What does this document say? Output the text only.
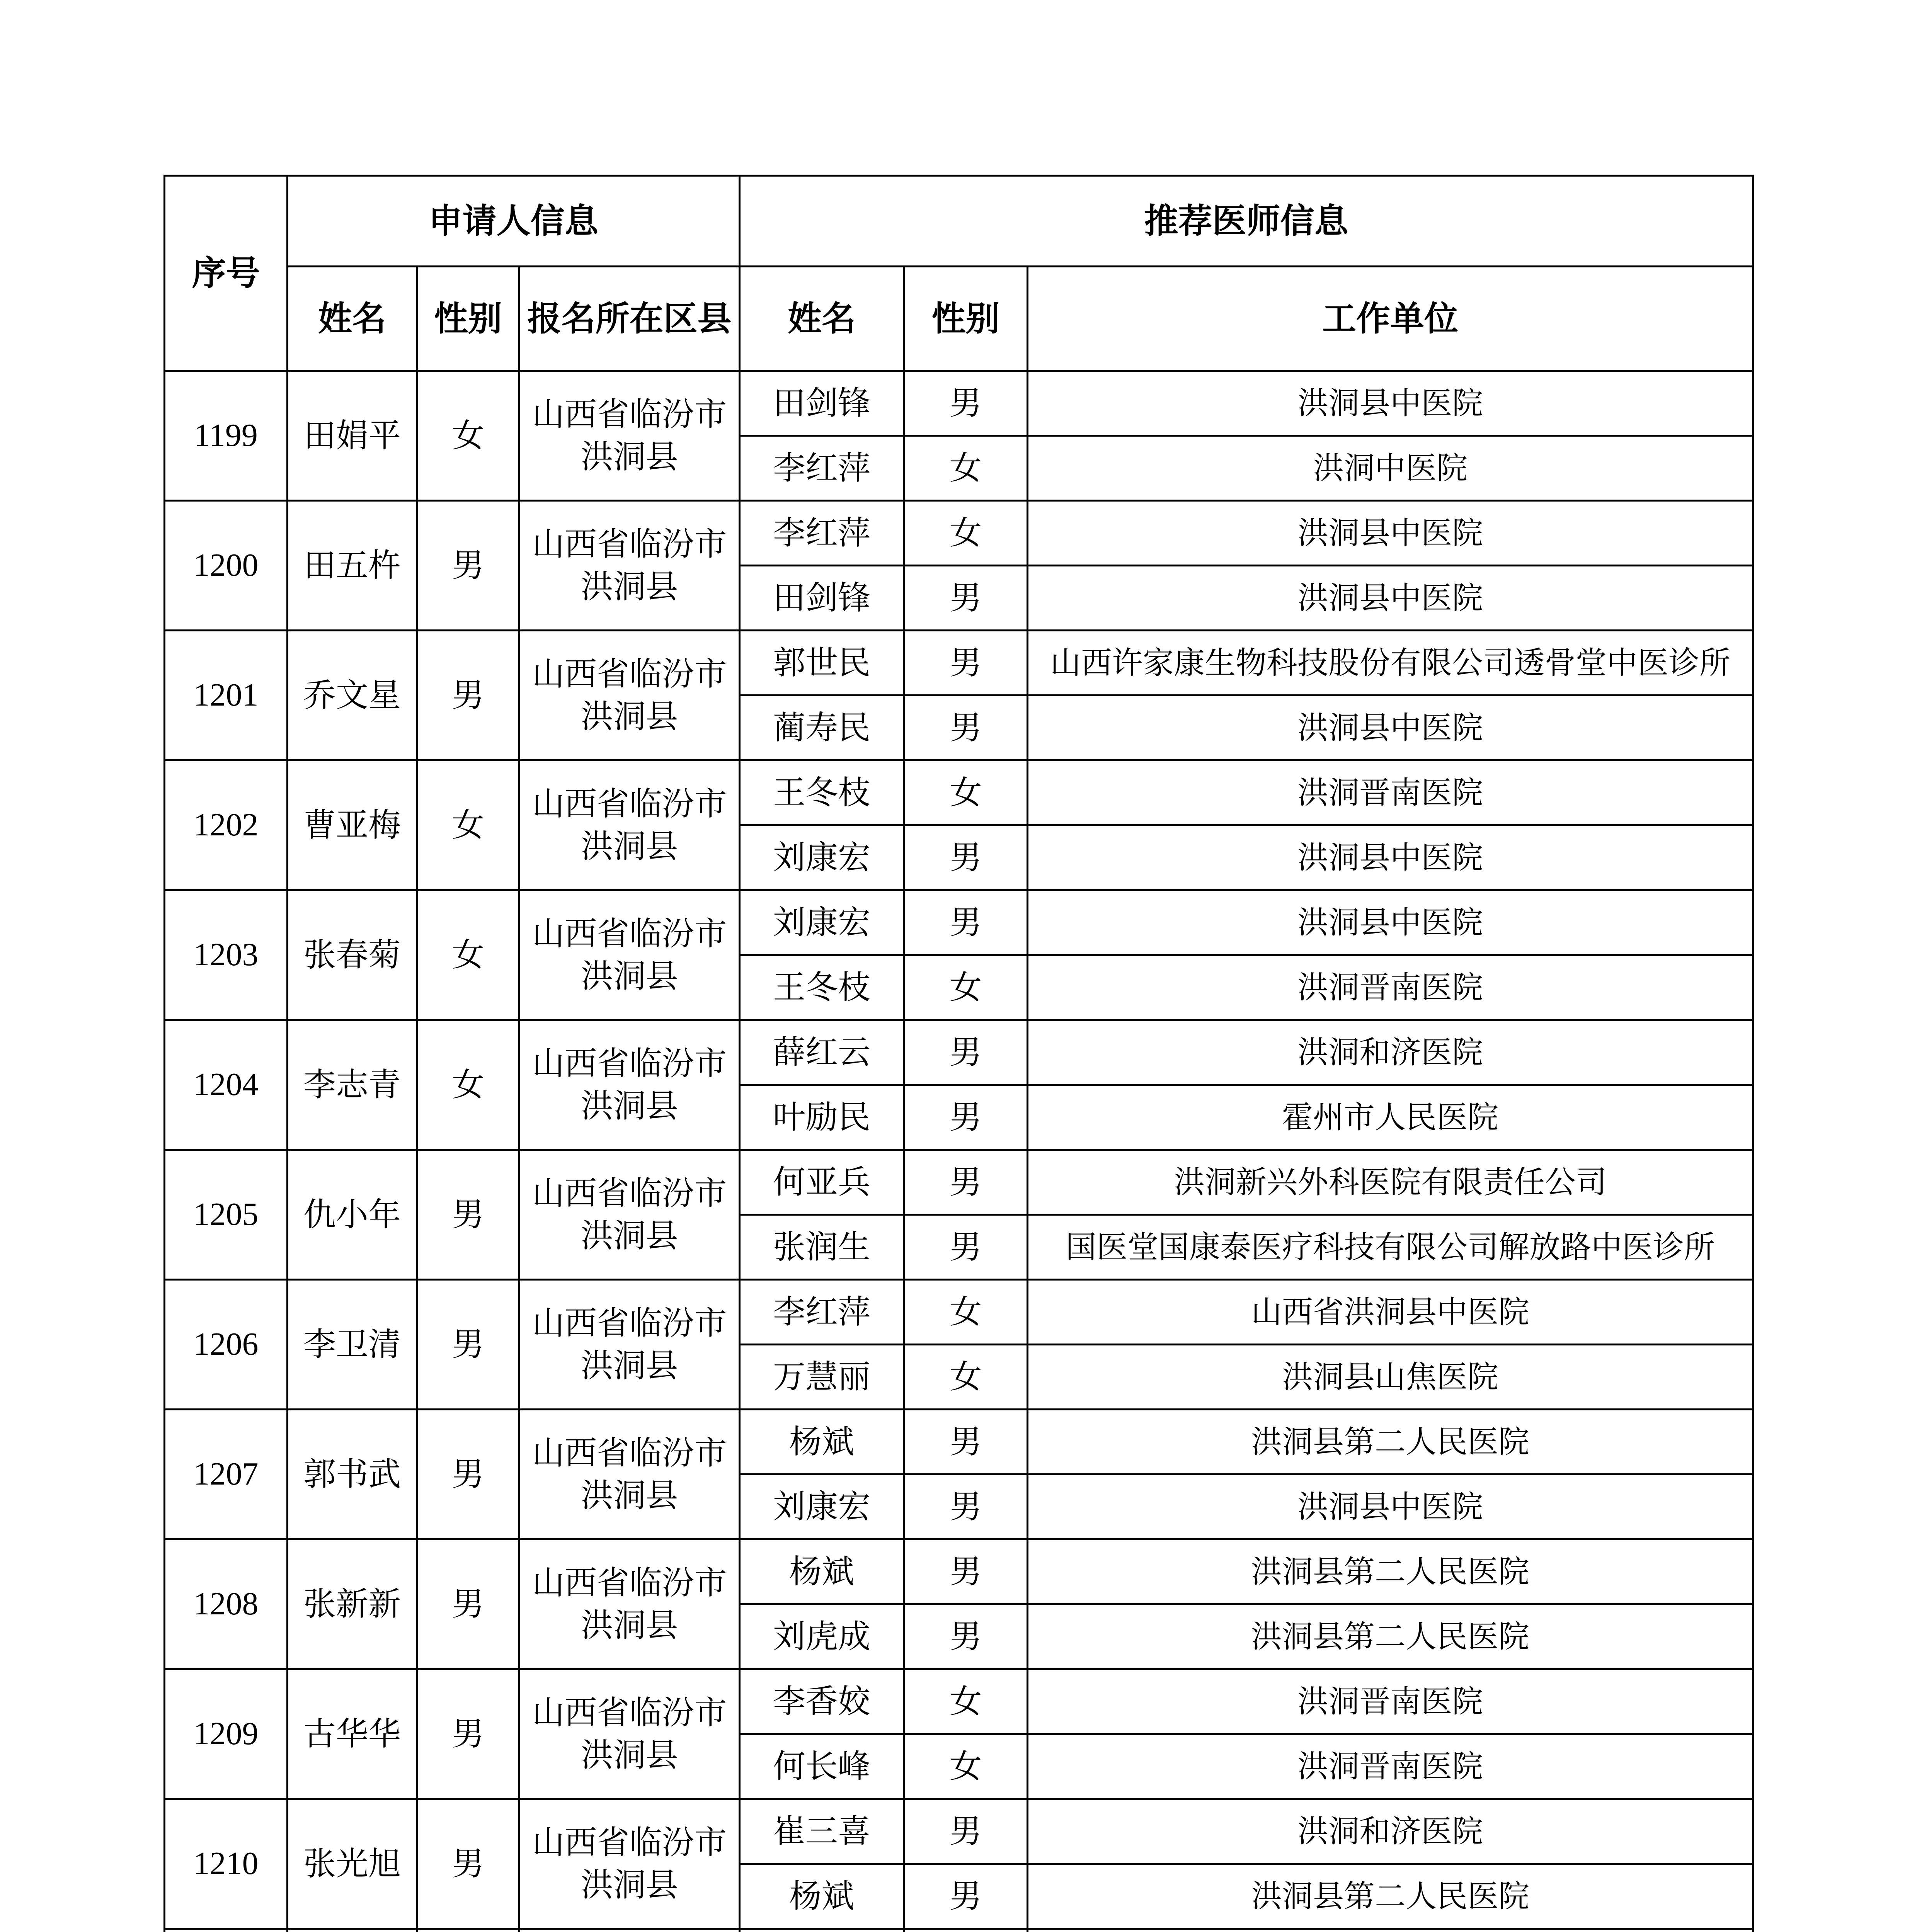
序号	申请人信息			推荐医师信息		
	姓名	性别	报名所在区县	姓名	性别	工作单位
1199	田娟平	女	山西省临汾市洪洞县	田剑锋	男	洪洞县中医院
				李红萍	女	洪洞中医院
1200	田五杵	男	山西省临汾市洪洞县	李红萍	女	洪洞县中医院
				田剑锋	男	洪洞县中医院
1201	乔文星	男	山西省临汾市洪洞县	郭世民	男	山西许家康生物科技股份有限公司透骨堂中医诊所
				蔺寿民	男	洪洞县中医院
1202	曹亚梅	女	山西省临汾市洪洞县	王冬枝	女	洪洞晋南医院
				刘康宏	男	洪洞县中医院
1203	张春菊	女	山西省临汾市洪洞县	刘康宏	男	洪洞县中医院
				王冬枝	女	洪洞晋南医院
1204	李志青	女	山西省临汾市洪洞县	薛红云	男	洪洞和济医院
				叶励民	男	霍州市人民医院
1205	仇小年	男	山西省临汾市洪洞县	何亚兵	男	洪洞新兴外科医院有限责任公司
				张润生	男	国医堂国康泰医疗科技有限公司解放路中医诊所
1206	李卫清	男	山西省临汾市洪洞县	李红萍	女	山西省洪洞县中医院
				万慧丽	女	洪洞县山焦医院
1207	郭书武	男	山西省临汾市洪洞县	杨斌	男	洪洞县第二人民医院
				刘康宏	男	洪洞县中医院
1208	张新新	男	山西省临汾市洪洞县	杨斌	男	洪洞县第二人民医院
				刘虎成	男	洪洞县第二人民医院
1209	古华华	男	山西省临汾市洪洞县	李香姣	女	洪洞晋南医院
				何长峰	女	洪洞晋南医院
1210	张光旭	男	山西省临汾市洪洞县	崔三喜	男	洪洞和济医院
				杨斌	男	洪洞县第二人民医院
